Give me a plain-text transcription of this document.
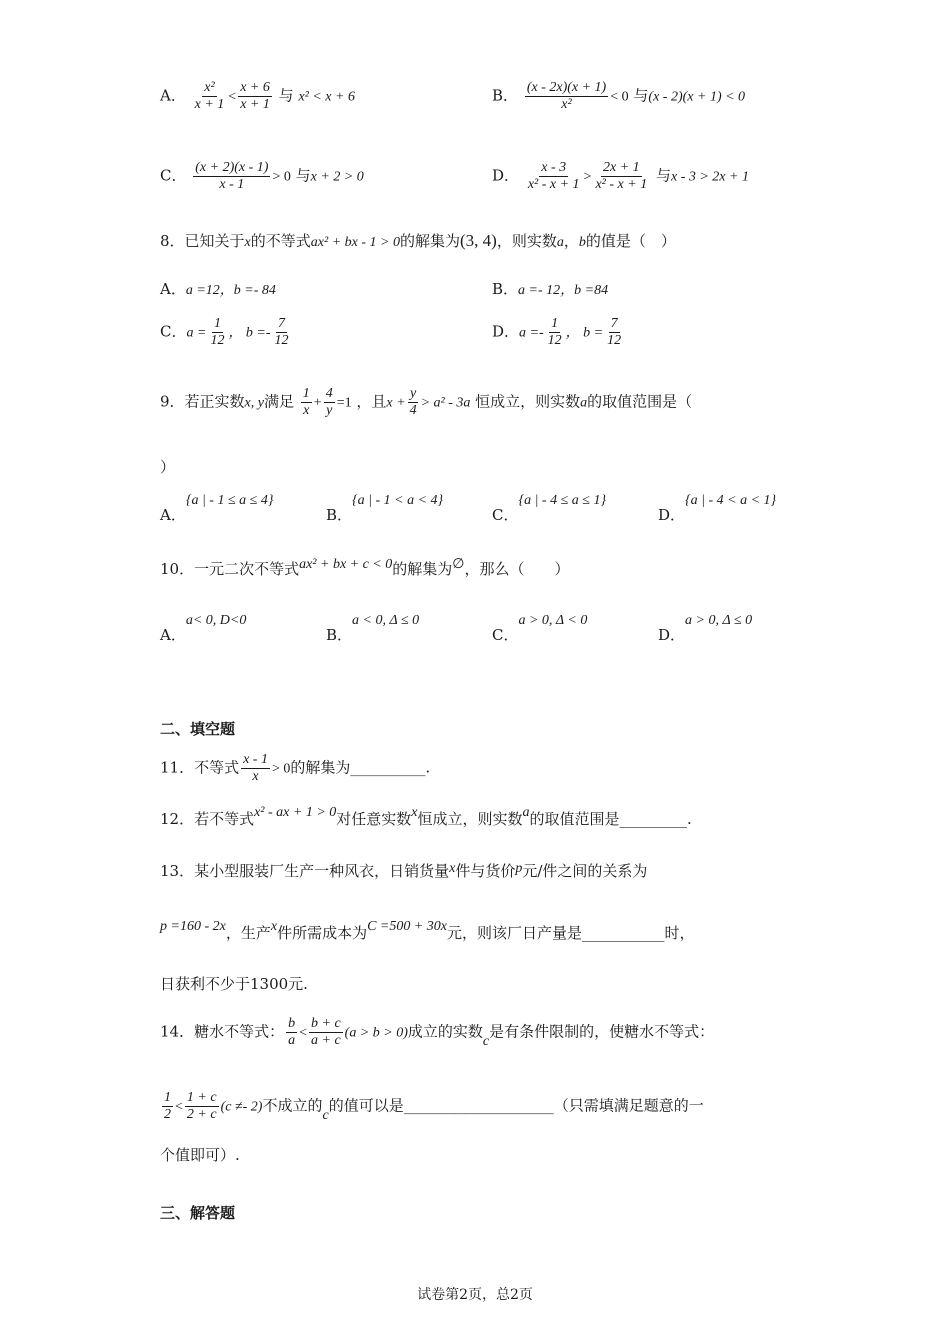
A． $\frac{\text{x²}}{x + 1} < \frac{x + 6}{x + 1}$ 与 x² < x + 6	B． $\frac{(x - 2x)(x + 1)}{\text{x²}} < 0$ 与(x - 2)(x + 1) < 0
C． $\frac{(x + 2)(x - 1)}{x - 1} > 0$ 与x + 2 > 0	D． $\frac{x - 3}{\text{x² - x + 1}} > \frac{2x + 1}{\text{x² - x + 1}}$ 与x - 3 > 2x + 1
8．已知关于x的不等式ax² + bx - 1 > 0的解集为(3, 4)，则实数a，b的值是（　）
A．a =12，b =- 84	B．a =- 12，b =84
C．$a = \frac{1}{12}$ ， $b =- \frac{7}{12}$	D．$a =- \frac{1}{12}$ ， $b = \frac{7}{12}$
9．若正实数x, y满足 $\frac{1}{x} + \frac{4}{y} =1$ ，且$x + \frac{y}{4} > a^2 - 3a$ 恒成立，则实数a的取值范围是（
）
A．{a | - 1 ≤ a ≤ 4}
B．{a | - 1 < a < 4}
C．{a | - 4 ≤ a ≤ 1}
D．{a | - 4 < a < 1}
10．一元二次不等式ax² + bx + c < 0的解集为∅，那么（　　）
A．a< 0, D<0
B．a < 0, Δ ≤ 0
C．a > 0, Δ < 0
D．a > 0, Δ ≤ 0
二、填空题
11．不等式 $\frac{x - 1}{x} > 0$的解集为__________.
12．若不等式x² - ax + 1 > 0对任意实数x恒成立，则实数a的取值范围是_________.
13．某小型服装厂生产一种风衣，日销货量x件与货价p元/件之间的关系为
p =160 - 2x，生产x件所需成本为C =500 + 30x元，则该厂日产量是___________时，
日获利不少于1300元.
14．糖水不等式： $\frac{b}{a} < \frac{b + c}{a + c} (a > b > 0)$成立的实数c是有条件限制的，使糖水不等式：
$\frac{1}{2} < \frac{1 + c}{2 + c} (c \ne- 2)$不成立的c的值可以是____________________（只需填满足题意的一
个值即可）.
三、解答题
试卷第2页，总2页
